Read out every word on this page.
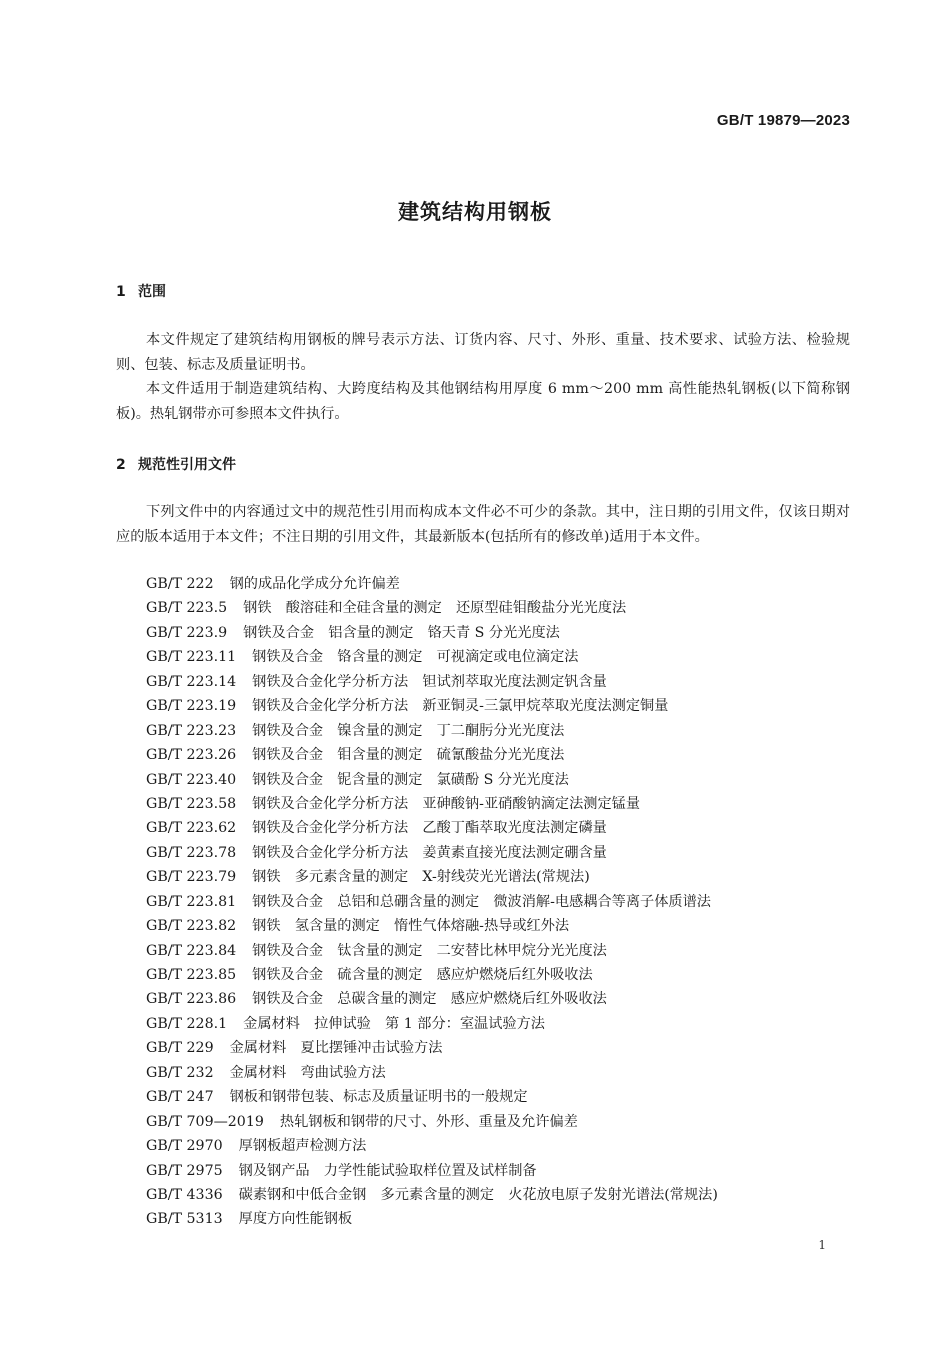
GB/T 19879—2023
建筑结构用钢板
1 范围

本文件规定了建筑结构用钢板的牌号表示方法、订货内容、尺寸、外形、重量、技术要求、试验方法、检验规则、包装、标志及质量证明书。

本文件适用于制造建筑结构、大跨度结构及其他钢结构用厚度 6 mm～200 mm 高性能热轧钢板(以下简称钢板)。热轧钢带亦可参照本文件执行。

2 规范性引用文件

下列文件中的内容通过文中的规范性引用而构成本文件必不可少的条款。其中，注日期的引用文件，仅该日期对应的版本适用于本文件；不注日期的引用文件，其最新版本(包括所有的修改单)适用于本文件。

GB/T 222 钢的成品化学成分允许偏差
GB/T 223.5 钢铁　酸溶硅和全硅含量的测定　还原型硅钼酸盐分光光度法
GB/T 223.9 钢铁及合金　铝含量的测定　铬天青 S 分光光度法
GB/T 223.11 钢铁及合金　铬含量的测定　可视滴定或电位滴定法
GB/T 223.14 钢铁及合金化学分析方法　钽试剂萃取光度法测定钒含量
GB/T 223.19 钢铁及合金化学分析方法　新亚铜灵-三氯甲烷萃取光度法测定铜量
GB/T 223.23 钢铁及合金　镍含量的测定　丁二酮肟分光光度法
GB/T 223.26 钢铁及合金　钼含量的测定　硫氰酸盐分光光度法
GB/T 223.40 钢铁及合金　铌含量的测定　氯磺酚 S 分光光度法
GB/T 223.58 钢铁及合金化学分析方法　亚砷酸钠-亚硝酸钠滴定法测定锰量
GB/T 223.62 钢铁及合金化学分析方法　乙酸丁酯萃取光度法测定磷量
GB/T 223.78 钢铁及合金化学分析方法　姜黄素直接光度法测定硼含量
GB/T 223.79 钢铁　多元素含量的测定　X-射线荧光光谱法(常规法)
GB/T 223.81 钢铁及合金　总铝和总硼含量的测定　微波消解-电感耦合等离子体质谱法
GB/T 223.82 钢铁　氢含量的测定　惰性气体熔融-热导或红外法
GB/T 223.84 钢铁及合金　钛含量的测定　二安替比林甲烷分光光度法
GB/T 223.85 钢铁及合金　硫含量的测定　感应炉燃烧后红外吸收法
GB/T 223.86 钢铁及合金　总碳含量的测定　感应炉燃烧后红外吸收法
GB/T 228.1 金属材料　拉伸试验　第 1 部分：室温试验方法
GB/T 229 金属材料　夏比摆锤冲击试验方法
GB/T 232 金属材料　弯曲试验方法
GB/T 247 钢板和钢带包装、标志及质量证明书的一般规定
GB/T 709—2019 热轧钢板和钢带的尺寸、外形、重量及允许偏差
GB/T 2970 厚钢板超声检测方法
GB/T 2975 钢及钢产品　力学性能试验取样位置及试样制备
GB/T 4336 碳素钢和中低合金钢　多元素含量的测定　火花放电原子发射光谱法(常规法)
GB/T 5313 厚度方向性能钢板
1
